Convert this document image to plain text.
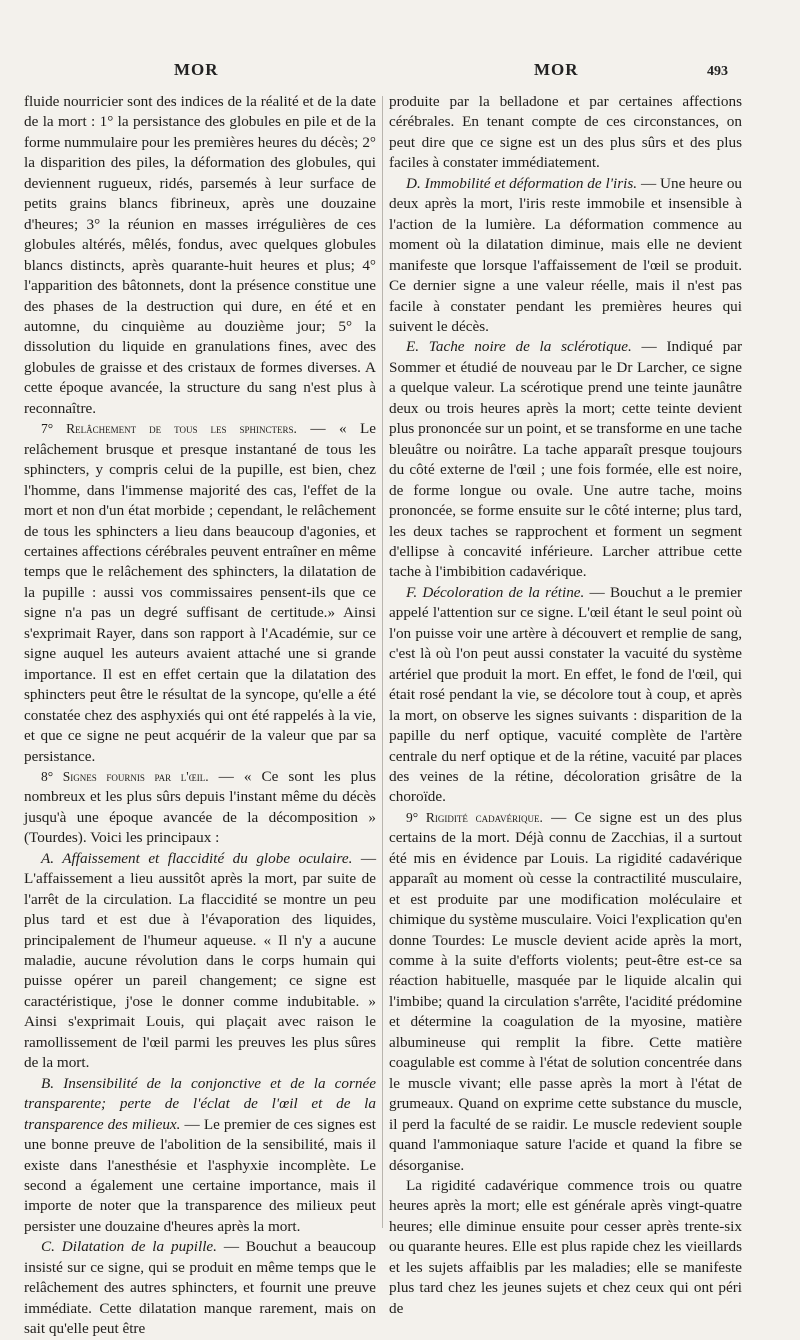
MOR	MOR	493

fluide nourricier sont des indices de la réalité et de la date de la mort : 1° la persistance des globules en pile et de la forme nummulaire pour les premières heures du décès; 2° la disparition des piles, la déformation des globules, qui deviennent rugueux, ridés, parsemés à leur surface de petits grains blancs fibrineux, après une douzaine d'heures; 3° la réunion en masses irrégulières de ces globules altérés, mêlés, fondus, avec quelques globules blancs distincts, après quarante-huit heures et plus; 4° l'apparition des bâtonnets, dont la présence constitue une des phases de la destruction qui dure, en été et en automne, du cinquième au douzième jour; 5° la dissolution du liquide en granulations fines, avec des globules de graisse et des cristaux de formes diverses. A cette époque avancée, la structure du sang n'est plus à reconnaître.

7° Relâchement de tous les sphincters. — « Le relâchement brusque et presque instantané de tous les sphincters, y compris celui de la pupille, est bien, chez l'homme, dans l'immense majorité des cas, l'effet de la mort et non d'un état morbide ; cependant, le relâchement de tous les sphincters a lieu dans beaucoup d'agonies, et certaines affections cérébrales peuvent entraîner en même temps que le relâchement des sphincters, la dilatation de la pupille : aussi vos commissaires pensent-ils que ce signe n'a pas un degré suffisant de certitude.» Ainsi s'exprimait Rayer, dans son rapport à l'Académie, sur ce signe auquel les auteurs avaient attaché une si grande importance. Il est en effet certain que la dilatation des sphincters peut être le résultat de la syncope, qu'elle a été constatée chez des asphyxiés qui ont été rappelés à la vie, et que ce signe ne peut acquérir de la valeur que par sa persistance.

8° Signes fournis par l'œil. — « Ce sont les plus nombreux et les plus sûrs depuis l'instant même du décès jusqu'à une époque avancée de la décomposition » (Tourdes). Voici les principaux :

A. Affaissement et flaccidité du globe oculaire. — L'affaissement a lieu aussitôt après la mort, par suite de l'arrêt de la circulation. La flaccidité se montre un peu plus tard et est due à l'évaporation des liquides, principalement de l'humeur aqueuse. « Il n'y a aucune maladie, aucune révolution dans le corps humain qui puisse opérer un pareil changement; ce signe est caractéristique, j'ose le donner comme indubitable. » Ainsi s'exprimait Louis, qui plaçait avec raison le ramollissement de l'œil parmi les preuves les plus sûres de la mort.

B. Insensibilité de la conjonctive et de la cornée transparente; perte de l'éclat de l'œil et de la transparence des milieux. — Le premier de ces signes est une bonne preuve de l'abolition de la sensibilité, mais il existe dans l'anesthésie et l'asphyxie incomplète. Le second a également une certaine importance, mais il importe de noter que la transparence des milieux peut persister une douzaine d'heures après la mort.

C. Dilatation de la pupille. — Bouchut a beaucoup insisté sur ce signe, qui se produit en même temps que le relâchement des autres sphincters, et fournit une preuve immédiate. Cette dilatation manque rarement, mais on sait qu'elle peut être

produite par la belladone et par certaines affections cérébrales. En tenant compte de ces circonstances, on peut dire que ce signe est un des plus sûrs et des plus faciles à constater immédiatement.

D. Immobilité et déformation de l'iris. — Une heure ou deux après la mort, l'iris reste immobile et insensible à l'action de la lumière. La déformation commence au moment où la dilatation diminue, mais elle ne devient manifeste que lorsque l'affaissement de l'œil se produit. Ce dernier signe a une valeur réelle, mais il n'est pas facile à constater pendant les premières heures qui suivent le décès.

E. Tache noire de la sclérotique. — Indiqué par Sommer et étudié de nouveau par le Dr Larcher, ce signe a quelque valeur. La scérotique prend une teinte jaunâtre deux ou trois heures après la mort; cette teinte devient plus prononcée sur un point, et se transforme en une tache bleuâtre ou noirâtre. La tache apparaît presque toujours du côté externe de l'œil ; une fois formée, elle est noire, de forme longue ou ovale. Une autre tache, moins prononcée, se forme ensuite sur le côté interne; plus tard, les deux taches se rapprochent et forment un segment d'ellipse à concavité inférieure. Larcher attribue cette tache à l'imbibition cadavérique.

F. Décoloration de la rétine. — Bouchut a le premier appelé l'attention sur ce signe. L'œil étant le seul point où l'on puisse voir une artère à découvert et remplie de sang, c'est là où l'on peut aussi constater la vacuité du système artériel que produit la mort. En effet, le fond de l'œil, qui était rosé pendant la vie, se décolore tout à coup, et après la mort, on observe les signes suivants : disparition de la papille du nerf optique, vacuité complète de l'artère centrale du nerf optique et de la rétine, vacuité par places des veines de la rétine, décoloration grisâtre de la choroïde.

9° Rigidité cadavérique. — Ce signe est un des plus certains de la mort. Déjà connu de Zacchias, il a surtout été mis en évidence par Louis. La rigidité cadavérique apparaît au moment où cesse la contractilité musculaire, et est produite par une modification moléculaire et chimique du système musculaire. Voici l'explication qu'en donne Tourdes: Le muscle devient acide après la mort, comme à la suite d'efforts violents; peut-être est-ce sa réaction habituelle, masquée par le liquide alcalin qui l'imbibe; quand la circulation s'arrête, l'acidité prédomine et détermine la coagulation de la myosine, matière albumineuse qui remplit la fibre. Cette matière coagulable est comme à l'état de solution concentrée dans le muscle vivant; elle passe après la mort à l'état de grumeaux. Quand on exprime cette substance du muscle, il perd la faculté de se raidir. Le muscle redevient souple quand l'ammoniaque sature l'acide et quand la fibre se désorganise.

La rigidité cadavérique commence trois ou quatre heures après la mort; elle est générale après vingt-quatre heures; elle diminue ensuite pour cesser après trente-six ou quarante heures. Elle est plus rapide chez les vieillards et les sujets affaiblis par les maladies; elle se manifeste plus tard chez les jeunes sujets et chez ceux qui ont péri de
